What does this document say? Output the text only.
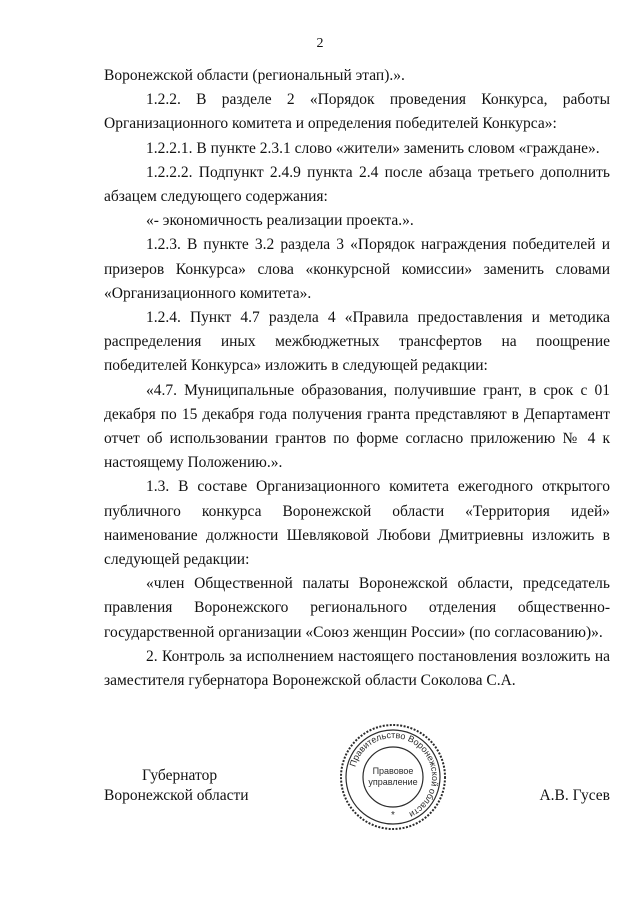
2

Воронежской области (региональный этап).».

1.2.2. В разделе 2 «Порядок проведения Конкурса, работы Организационного комитета и определения победителей Конкурса»:

1.2.2.1. В пункте 2.3.1 слово «жители» заменить словом «граждане».

1.2.2.2. Подпункт 2.4.9 пункта 2.4 после абзаца третьего дополнить абзацем следующего содержания:

«- экономичность реализации проекта.».

1.2.3. В пункте 3.2 раздела 3 «Порядок награждения победителей и призеров Конкурса» слова «конкурсной комиссии» заменить словами «Организационного комитета».

1.2.4. Пункт 4.7 раздела 4 «Правила предоставления и методика распределения иных межбюджетных трансфертов на поощрение победителей Конкурса» изложить в следующей редакции:

«4.7. Муниципальные образования, получившие грант, в срок с 01 декабря по 15 декабря года получения гранта представляют в Департамент отчет об использовании грантов по форме согласно приложению № 4 к настоящему Положению.».

1.3. В составе Организационного комитета ежегодного открытого публичного конкурса Воронежской области «Территория идей» наименование должности Шевляковой Любови Дмитриевны изложить в следующей редакции:

«член Общественной палаты Воронежской области, председатель правления Воронежского регионального отделения общественно-государственной организации «Союз женщин России» (по согласованию)».

2. Контроль за исполнением настоящего постановления возложить на заместителя губернатора Воронежской области Соколова С.А.

Губернатор
Воронежской области	А.В. Гусев
Правительство Воронежской области
Правовое
управление
*
